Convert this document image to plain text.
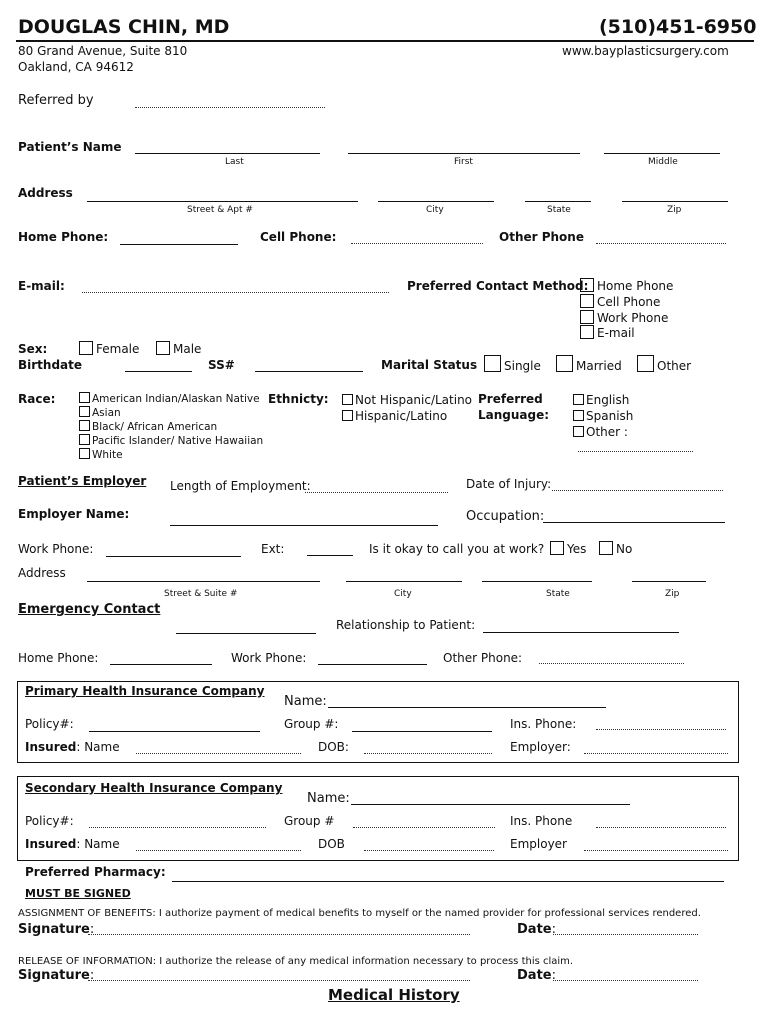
DOUGLAS CHIN, MD	(510)451-6950
80 Grand Avenue, Suite 810
Oakland, CA 94612
www.bayplasticsurgery.com
Referred by
Patient’s Name
Last	First	Middle
Address
Street & Apt #	City	State	Zip
Home Phone:	Cell Phone:	Other Phone
E-mail:	Preferred Contact Method: Home Phone
Cell Phone
Work Phone
E-mail
Sex:	Female	Male
Birthdate	SS#	Marital Status	Single	Married	Other
Race:	American Indian/Alaskan Native
Asian
Black/ African American
Pacific Islander/ Native Hawaiian
White
Ethnicty:	Not Hispanic/Latino
Hispanic/Latino
Preferred
Language:
English
Spanish
Other :
Patient’s Employer Length of Employment:	Date of Injury:
Employer Name:	Occupation:
Work Phone:	Ext:	Is it okay to call you at work?	Yes	No
Address
Street & Suite #	City	State	Zip
Emergency Contact
Relationship to Patient:
Home Phone:	Work Phone:	Other Phone:
Primary Health Insurance Company
Name:
Policy#:	Group #:	Ins. Phone:
Insured: Name	DOB:	Employer:
Secondary Health Insurance Company
Name:
Policy#:	Group #	Ins. Phone
Insured: Name	DOB	Employer
Preferred Pharmacy:
MUST BE SIGNED
ASSIGNMENT OF BENEFITS: I authorize payment of medical benefits to myself or the named provider for professional services rendered.
Signature:	Date:
RELEASE OF INFORMATION: I authorize the release of any medical information necessary to process this claim.
Signature:	Date:
Medical History
